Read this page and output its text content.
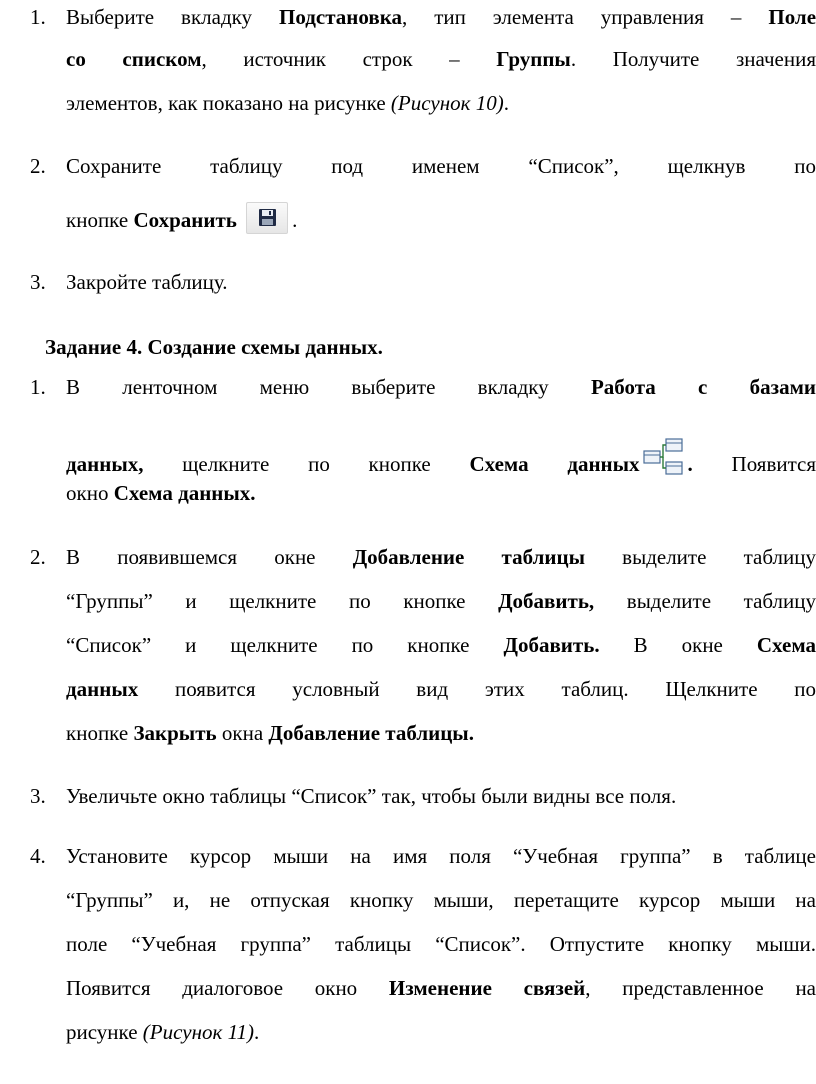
1. Выберите вкладку Подстановка, тип элемента управления – Поле
со списком, источник строк – Группы. Получите значения
элементов, как показано на рисунке (Рисунок 10).
2. Сохраните таблицу под именем “Список”, щелкнув по
кнопке Сохранить	.
3. Закройте таблицу.
Задание 4. Создание схемы данных.
1. В ленточном меню выберите вкладку Работа с базами
данных, щелкните по кнопке Схема данных . Появится
окно Схема данных.
2. В появившемся окне Добавление таблицы выделите таблицу
“Группы” и щелкните по кнопке Добавить, выделите таблицу
“Список” и щелкните по кнопке Добавить. В окне Схема
данных появится условный вид этих таблиц. Щелкните по
кнопке Закрыть окна Добавление таблицы.
3. Увеличьте окно таблицы “Список” так, чтобы были видны все поля.
4. Установите курсор мыши на имя поля “Учебная группа” в таблице
“Группы” и, не отпуская кнопку мыши, перетащите курсор мыши на
поле “Учебная группа” таблицы “Список”. Отпустите кнопку мыши.
Появится диалоговое окно Изменение связей, представленное на
рисунке (Рисунок 11).
